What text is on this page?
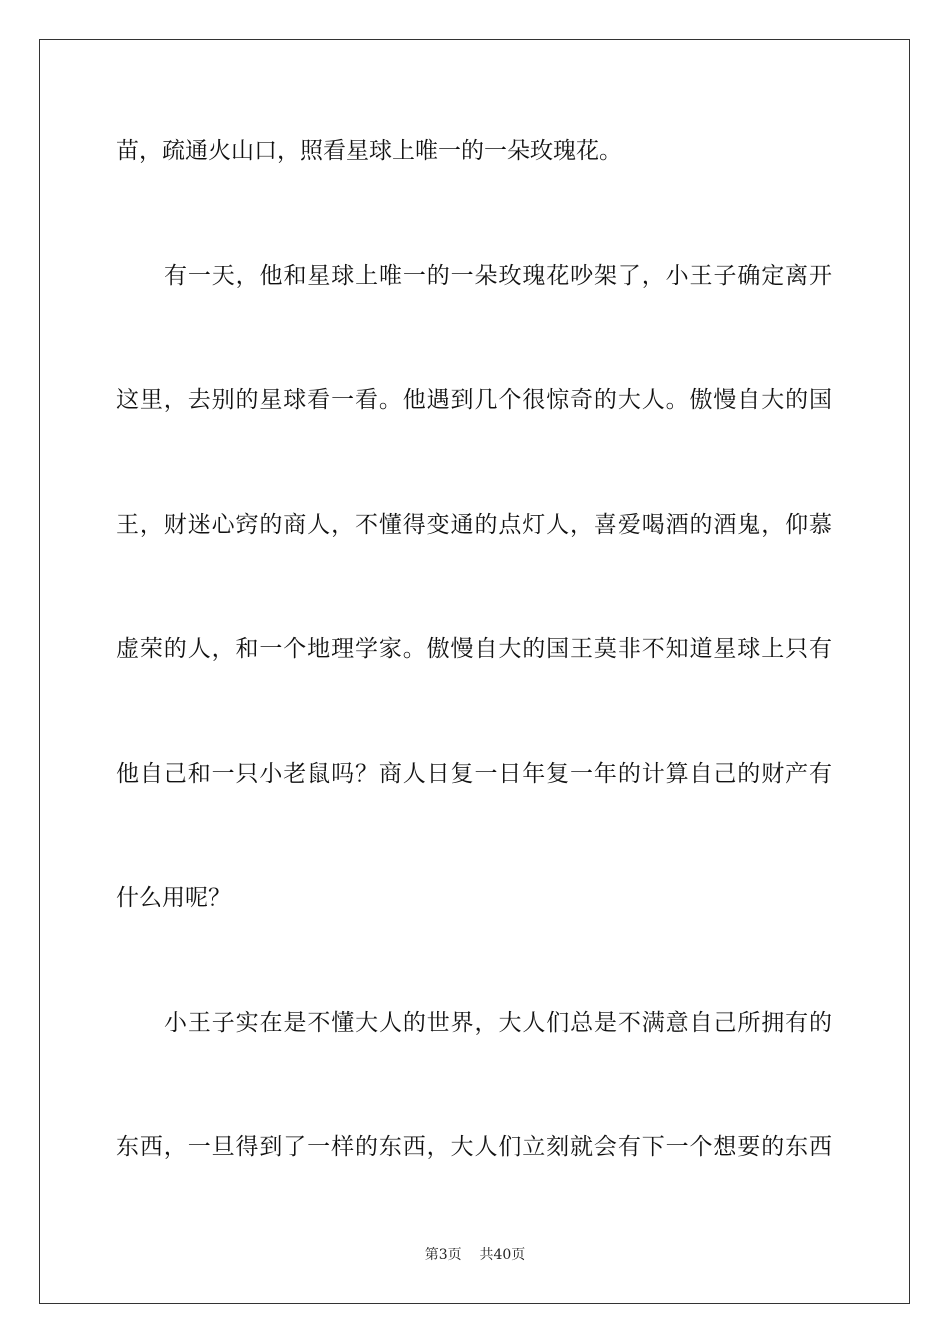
苗，疏通火山口，照看星球上唯一的一朵玫瑰花。
有一天，他和星球上唯一的一朵玫瑰花吵架了，小王子确定离开
这里，去别的星球看一看。他遇到几个很惊奇的大人。傲慢自大的国
王，财迷心窍的商人，不懂得变通的点灯人，喜爱喝酒的酒鬼，仰慕
虚荣的人，和一个地理学家。傲慢自大的国王莫非不知道星球上只有
他自己和一只小老鼠吗？商人日复一日年复一年的计算自己的财产有
什么用呢？
小王子实在是不懂大人的世界，大人们总是不满意自己所拥有的
东西，一旦得到了一样的东西，大人们立刻就会有下一个想要的东西
第3页    共40页
